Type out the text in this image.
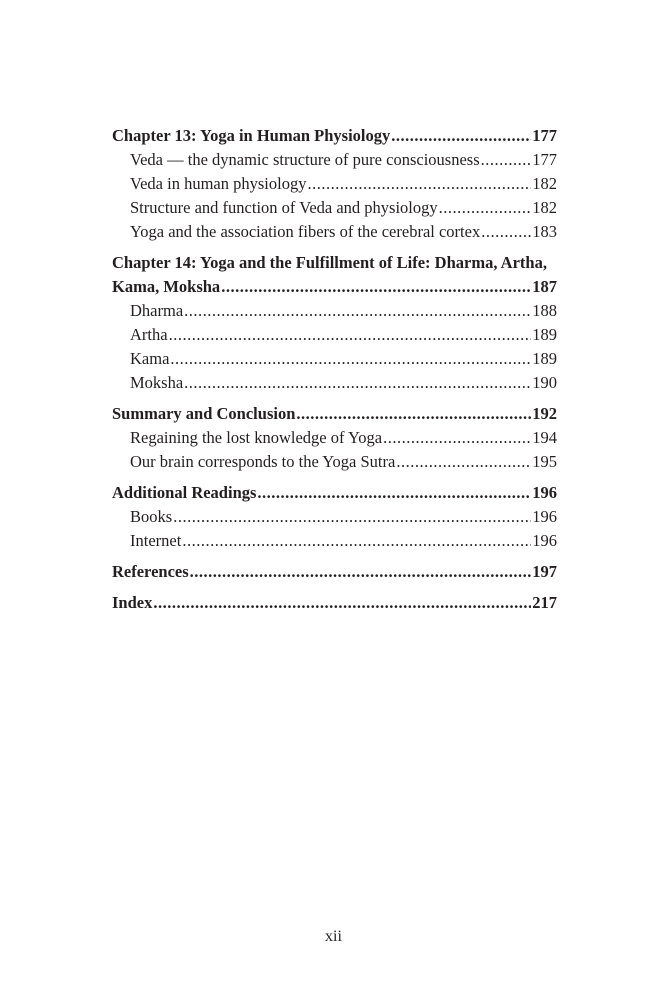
Chapter 13: Yoga in Human Physiology .....	177
Veda — the dynamic structure of pure consciousness .....	177
Veda in human physiology .....	182
Structure and function of Veda and physiology .....	182
Yoga and the association fibers of the cerebral cortex .....	183
Chapter 14: Yoga and the Fulfillment of Life: Dharma, Artha,
Kama, Moksha .....	187
Dharma .....	188
Artha .....	189
Kama .....	189
Moksha .....	190
Summary and Conclusion .....	192
Regaining the lost knowledge of Yoga .....	194
Our brain corresponds to the Yoga Sutra .....	195
Additional Readings .....	196
Books .....	196
Internet .....	196
References .....	197
Index .....	217
xii
